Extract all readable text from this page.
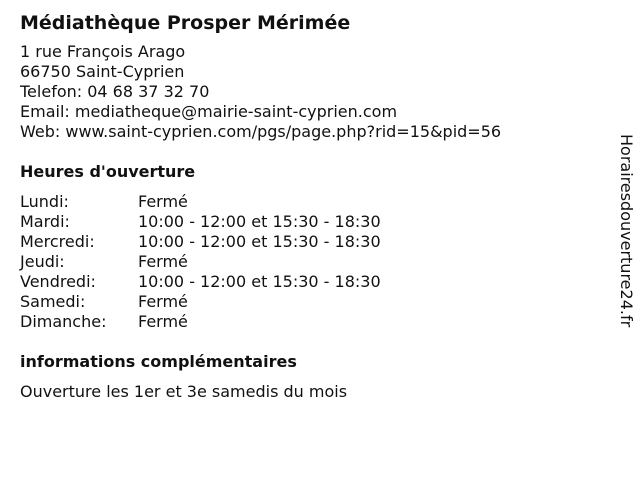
Médiathèque Prosper Mérimée
1 rue François Arago
66750 Saint-Cyprien
Telefon: 04 68 37 32 70
Email: mediatheque@mairie-saint-cyprien.com
Web: www.saint-cyprien.com/pgs/page.php?rid=15&pid=56
Heures d'ouverture
Lundi:	Fermé
Mardi:	10:00 - 12:00 et 15:30 - 18:30
Mercredi:	10:00 - 12:00 et 15:30 - 18:30
Jeudi:	Fermé
Vendredi:	10:00 - 12:00 et 15:30 - 18:30
Samedi:	Fermé
Dimanche:	Fermé
informations complémentaires
Ouverture les 1er et 3e samedis du mois
Horairesdouverture24.fr
